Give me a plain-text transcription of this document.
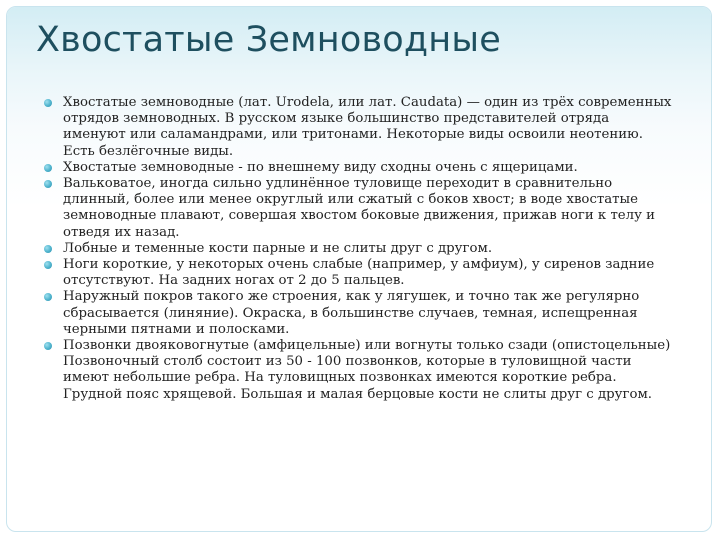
Хвостатые Земноводные
Хвостатые земноводные (лат. Urodela, или лат. Caudata) — один из трёх современных отрядов земноводных. В русском языке большинство представителей отряда именуют или саламандрами, или тритонами. Некоторые виды освоили неотению. Есть безлёгочные виды.
Хвостатые земноводные - по внешнему виду сходны очень с ящерицами.
Вальковатое, иногда сильно удлинённое туловище переходит в сравнительно длинный, более или менее округлый или сжатый с боков хвост; в воде хвостатые земноводные плавают, совершая хвостом боковые движения, прижав ноги к телу и отведя их назад.
Лобные и теменные кости парные и не слиты друг с другом.
Ноги короткие, у некоторых очень слабые (например, у амфиум), у сиренов задние отсутствуют. На задних ногах от 2 до 5 пальцев.
Наружный покров такого же строения, как у лягушек, и точно так же регулярно сбрасывается (линяние). Окраска, в большинстве случаев, темная, испещренная черными пятнами и полосками.
Позвонки двояковогнутые (амфицельные) или вогнуты только сзади (опистоцельные) Позвоночный столб состоит из 50 - 100 позвонков, которые в туловищной части имеют небольшие ребра. На туловищных позвонках имеются короткие ребра. Грудной пояс хрящевой. Большая и малая берцовые кости не слиты друг с другом.
